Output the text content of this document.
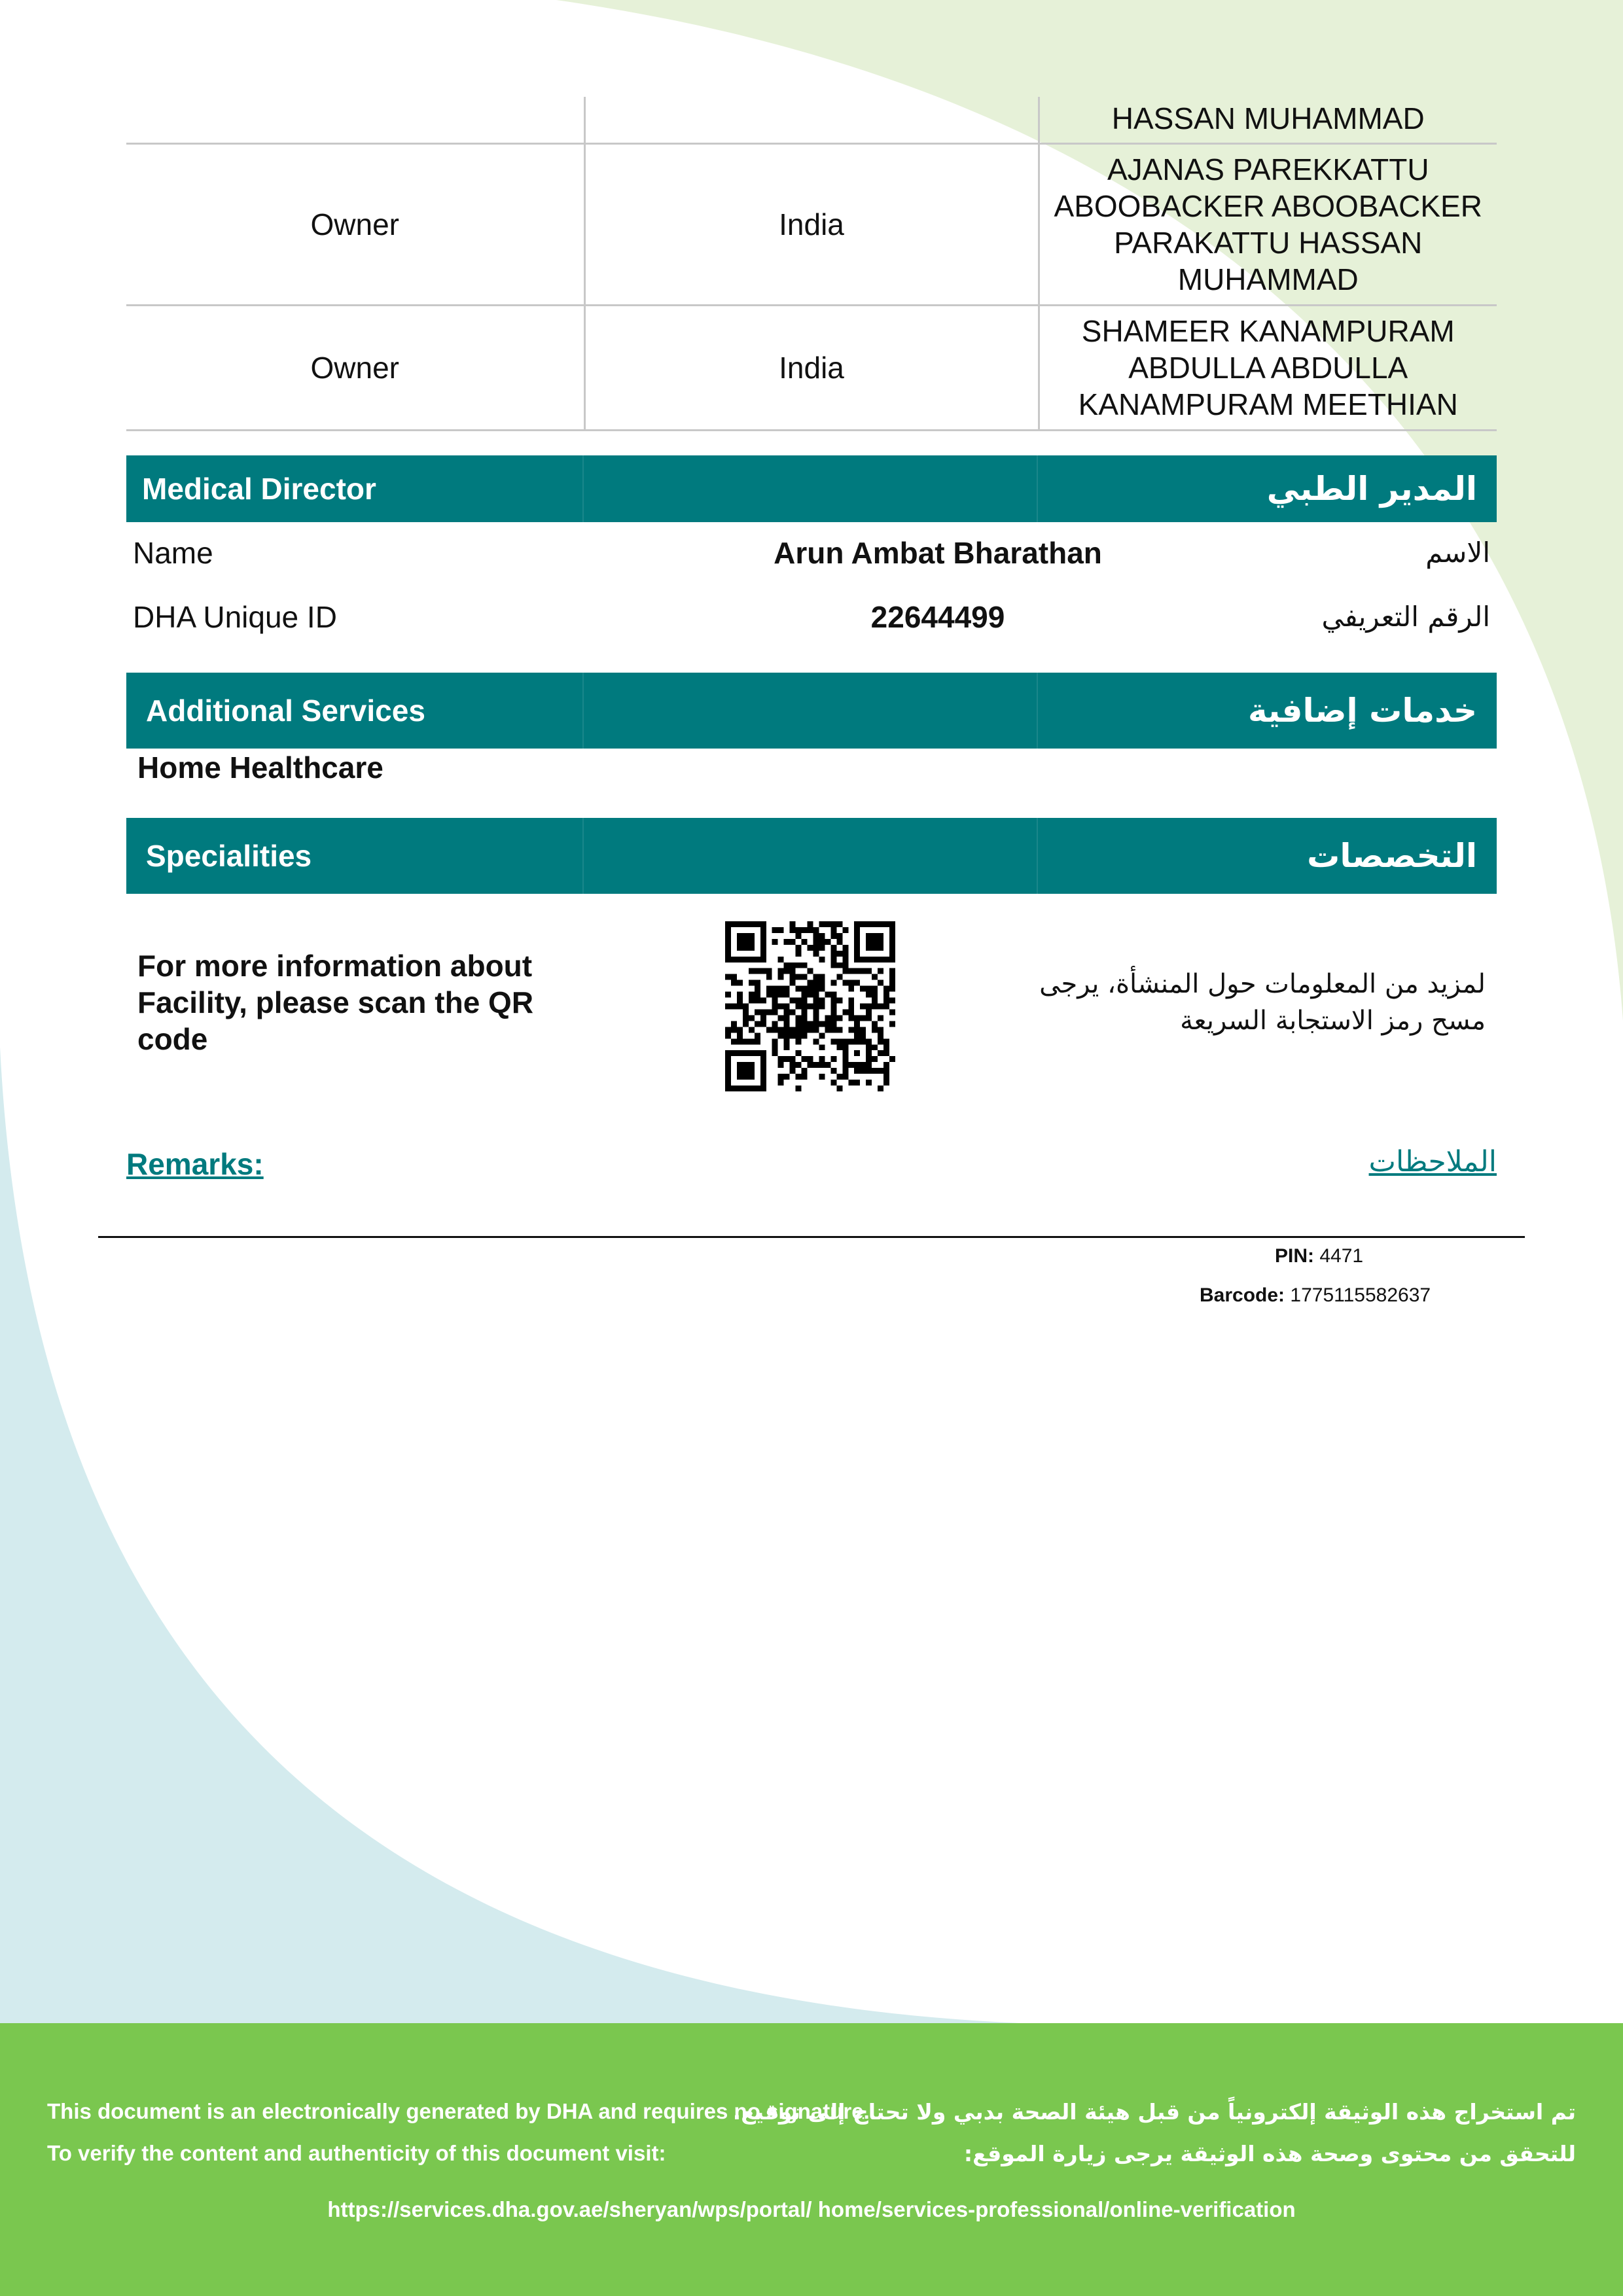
		HASSAN MUHAMMAD
Owner	India	AJANAS PAREKKATTU ABOOBACKER ABOOBACKER PARAKATTU HASSAN MUHAMMAD
Owner	India	SHAMEER KANAMPURAM ABDULLA ABDULLA KANAMPURAM MEETHIAN
Medical Director	المدير الطبي
Name	Arun Ambat Bharathan	الاسم
DHA Unique ID	22644499	الرقم التعريفي
Additional Services	خدمات إضافية
Home Healthcare
Specialities	التخصصات
For more information about Facility, please scan the QR code
لمزيد من المعلومات حول المنشأة، يرجى مسح رمز الاستجابة السريعة
Remarks:	الملاحظات
PIN: 4471
Barcode: 1775115582637
This document is an electronically generated by DHA and requires no signature.
To verify the content and authenticity of this document visit:
تم استخراج هذه الوثيقة إلكترونياً من قبل هيئة الصحة بدبي ولا تحتاج إلى توقيع.
للتحقق من محتوى وصحة هذه الوثيقة يرجى زيارة الموقع:
https://services.dha.gov.ae/sheryan/wps/portal/ home/services-professional/online-verification
